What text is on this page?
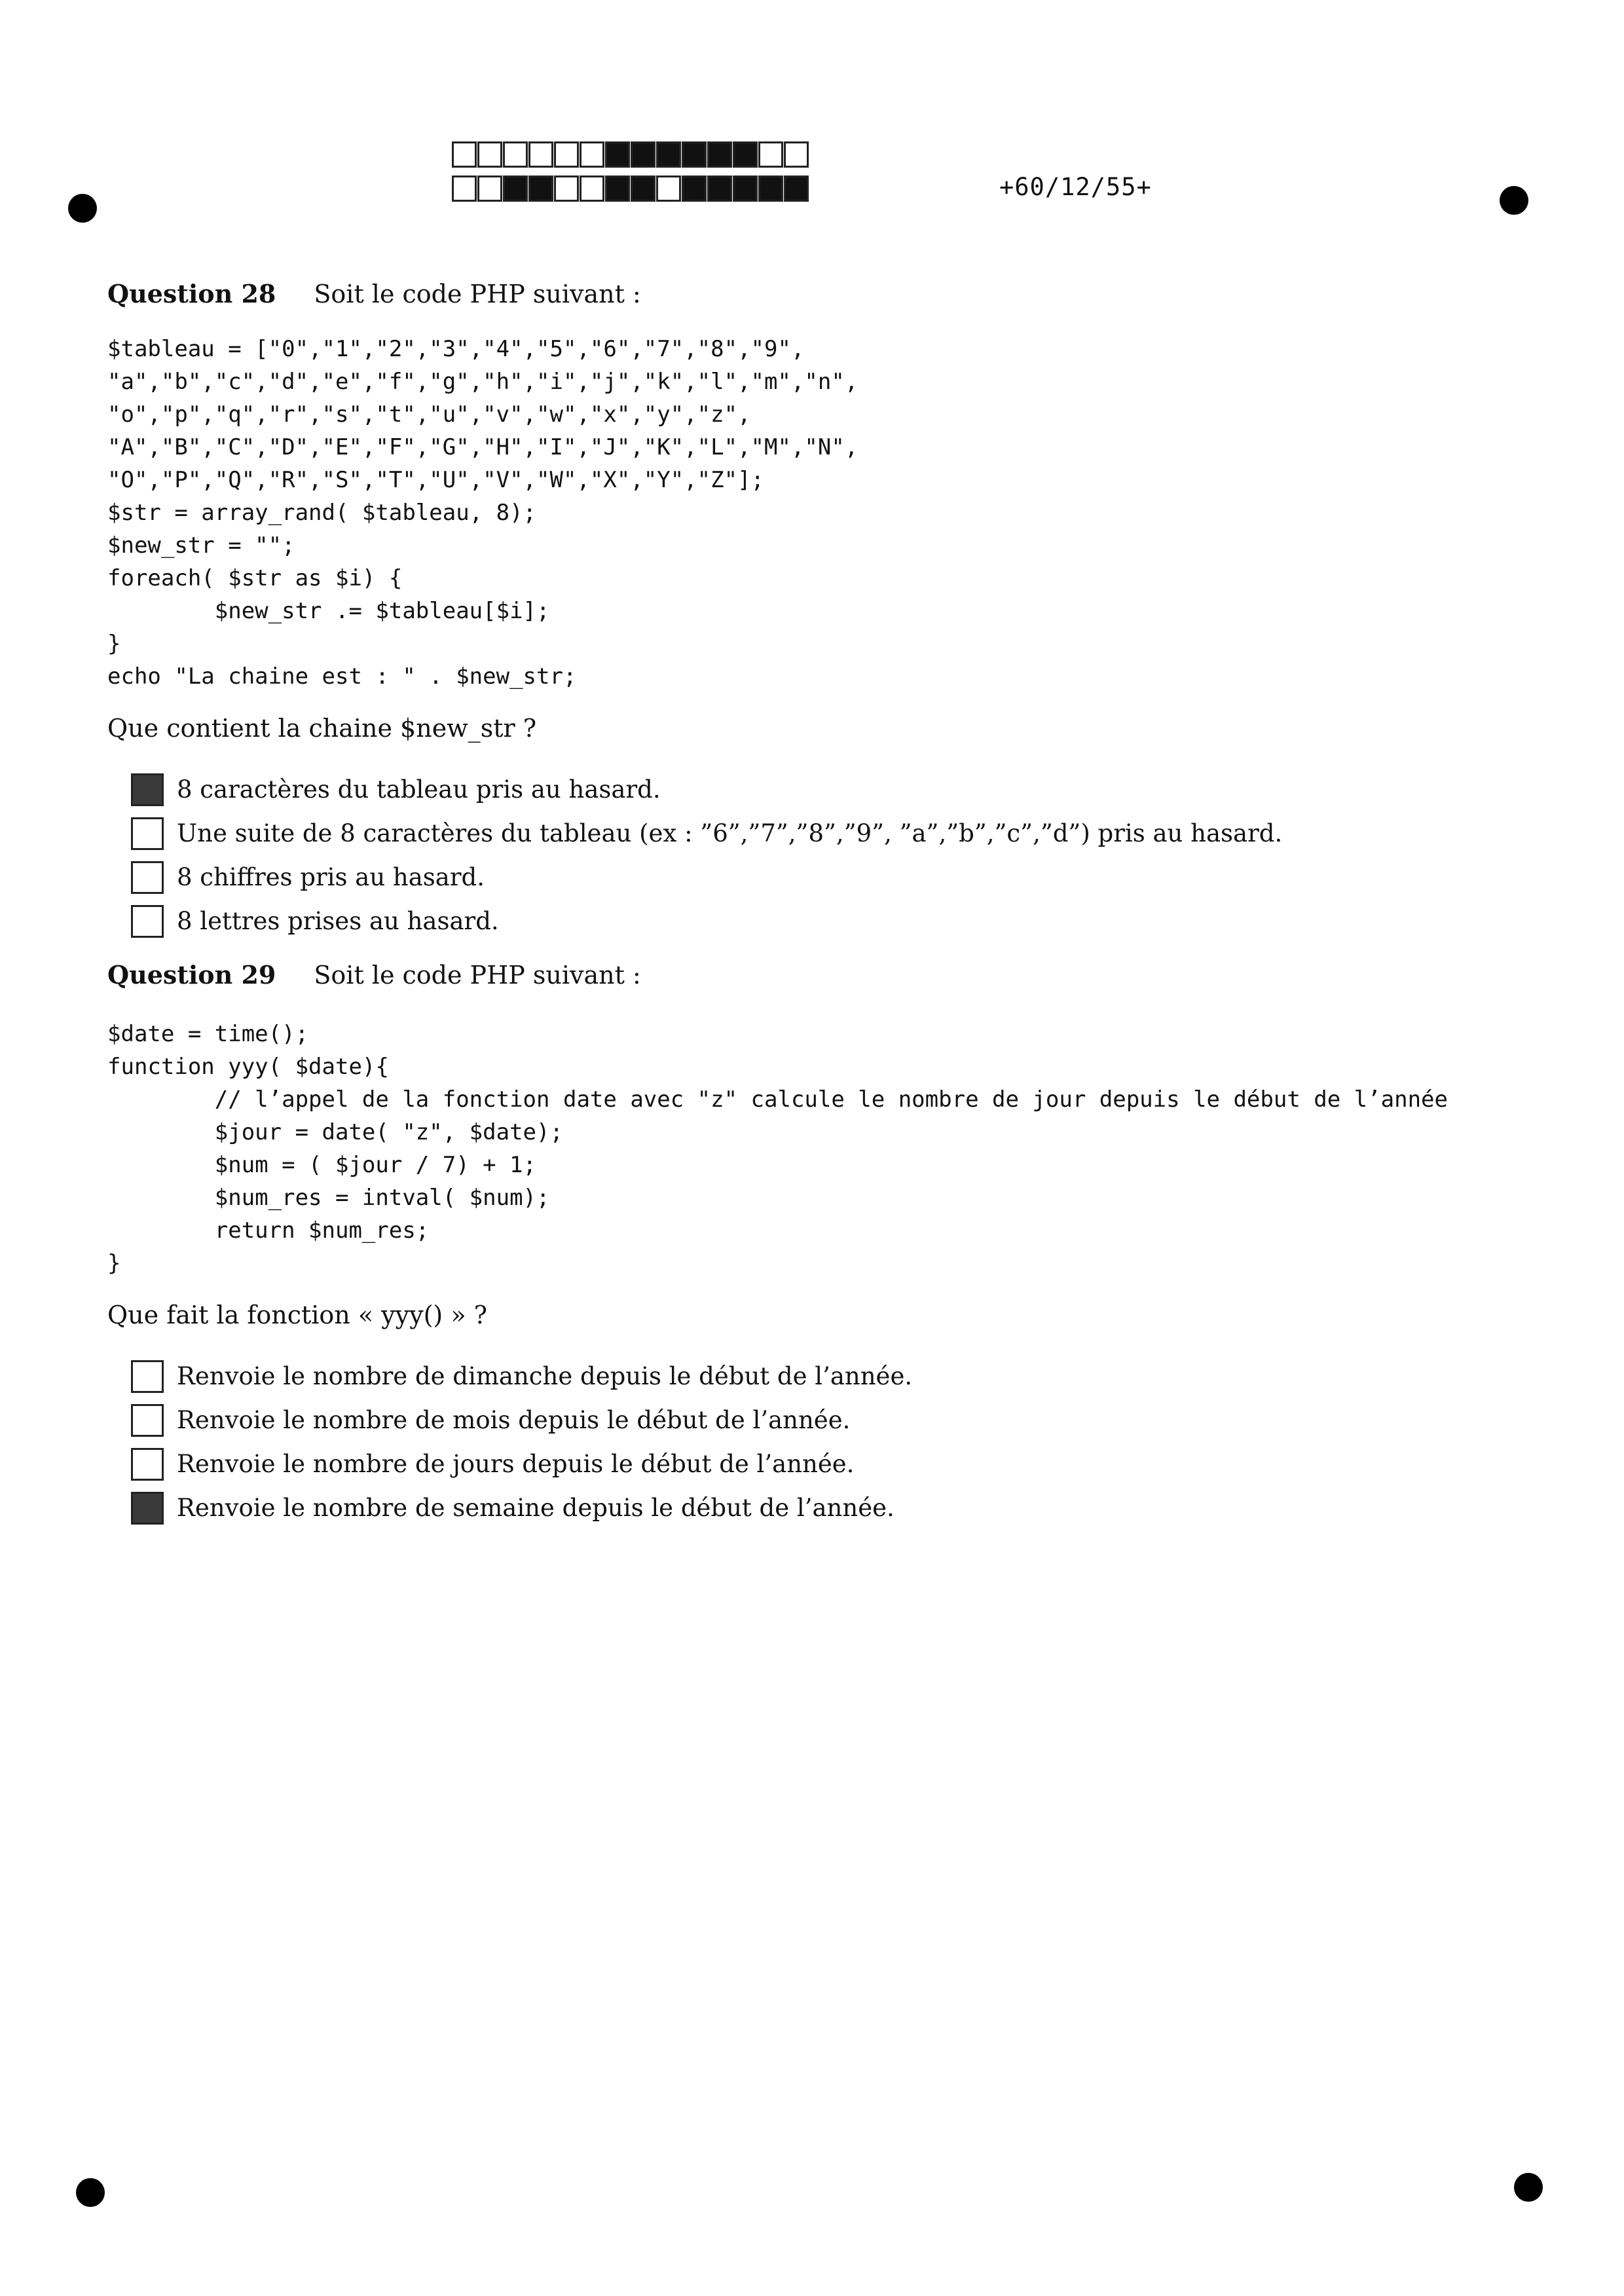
+60/12/55+
Question 28 Soit le code PHP suivant :
$tableau = ["0","1","2","3","4","5","6","7","8","9",
"a","b","c","d","e","f","g","h","i","j","k","l","m","n",
"o","p","q","r","s","t","u","v","w","x","y","z",
"A","B","C","D","E","F","G","H","I","J","K","L","M","N",
"O","P","Q","R","S","T","U","V","W","X","Y","Z"];
$str = array_rand( $tableau, 8);
$new_str = "";
foreach( $str as $i) {
$new_str .= $tableau[$i];
}
echo "La chaine est : " . $new_str;
Que contient la chaine $new_str ?
8 caractères du tableau pris au hasard.
Une suite de 8 caractères du tableau (ex : ”6”,”7”,”8”,”9”, ”a”,”b”,”c”,”d”) pris au hasard.
8 chiffres pris au hasard.
8 lettres prises au hasard.
Question 29 Soit le code PHP suivant :
$date = time();
function yyy( $date){
// l’appel de la fonction date avec "z" calcule le nombre de jour depuis le début de l’année
$jour = date( "z", $date);
$num = ( $jour / 7) + 1;
$num_res = intval( $num);
return $num_res;
}
Que fait la fonction « yyy() » ?
Renvoie le nombre de dimanche depuis le début de l’année.
Renvoie le nombre de mois depuis le début de l’année.
Renvoie le nombre de jours depuis le début de l’année.
Renvoie le nombre de semaine depuis le début de l’année.
